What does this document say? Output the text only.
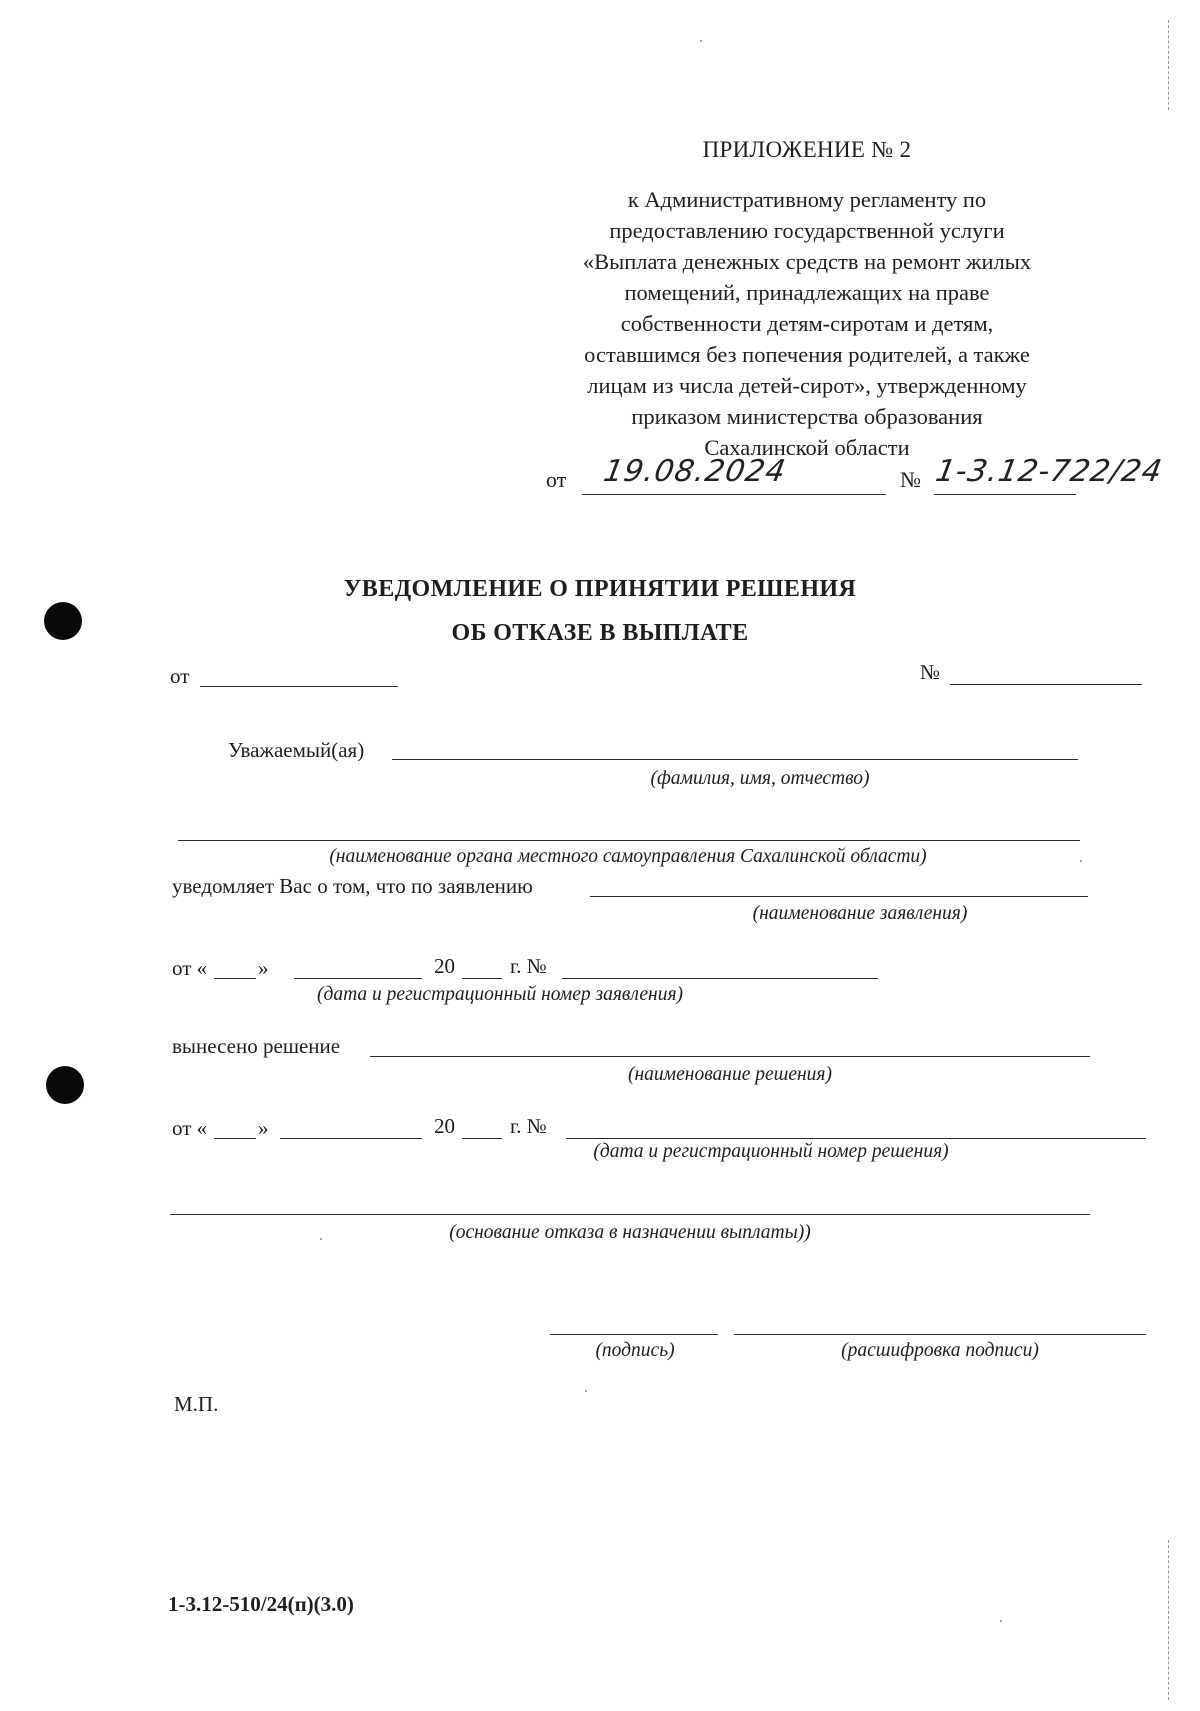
ПРИЛОЖЕНИЕ № 2
к Административному регламенту по
предоставлению государственной услуги
«Выплата денежных средств на ремонт жилых
помещений, принадлежащих на праве
собственности детям-сиротам и детям,
оставшимся без попечения родителей, а также
лицам из числа детей-сирот», утвержденному
приказом министерства образования
Сахалинской области
от 19.08.2024	№ 1-3.12-722/24
УВЕДОМЛЕНИЕ О ПРИНЯТИИ РЕШЕНИЯ
ОБ ОТКАЗЕ В ВЫПЛАТЕ
от	№
Уважаемый(ая)
(фамилия, имя, отчество)
(наименование органа местного самоуправления Сахалинской области)
уведомляет Вас о том, что по заявлению
(наименование заявления)
от « »	20	г. №
(дата и регистрационный номер заявления)
вынесено решение
(наименование решения)
от « »	20	г. №
(дата и регистрационный номер решения)
(основание отказа в назначении выплаты))
(подпись)	(расшифровка подписи)
М.П.
1-3.12-510/24(п)(3.0)
